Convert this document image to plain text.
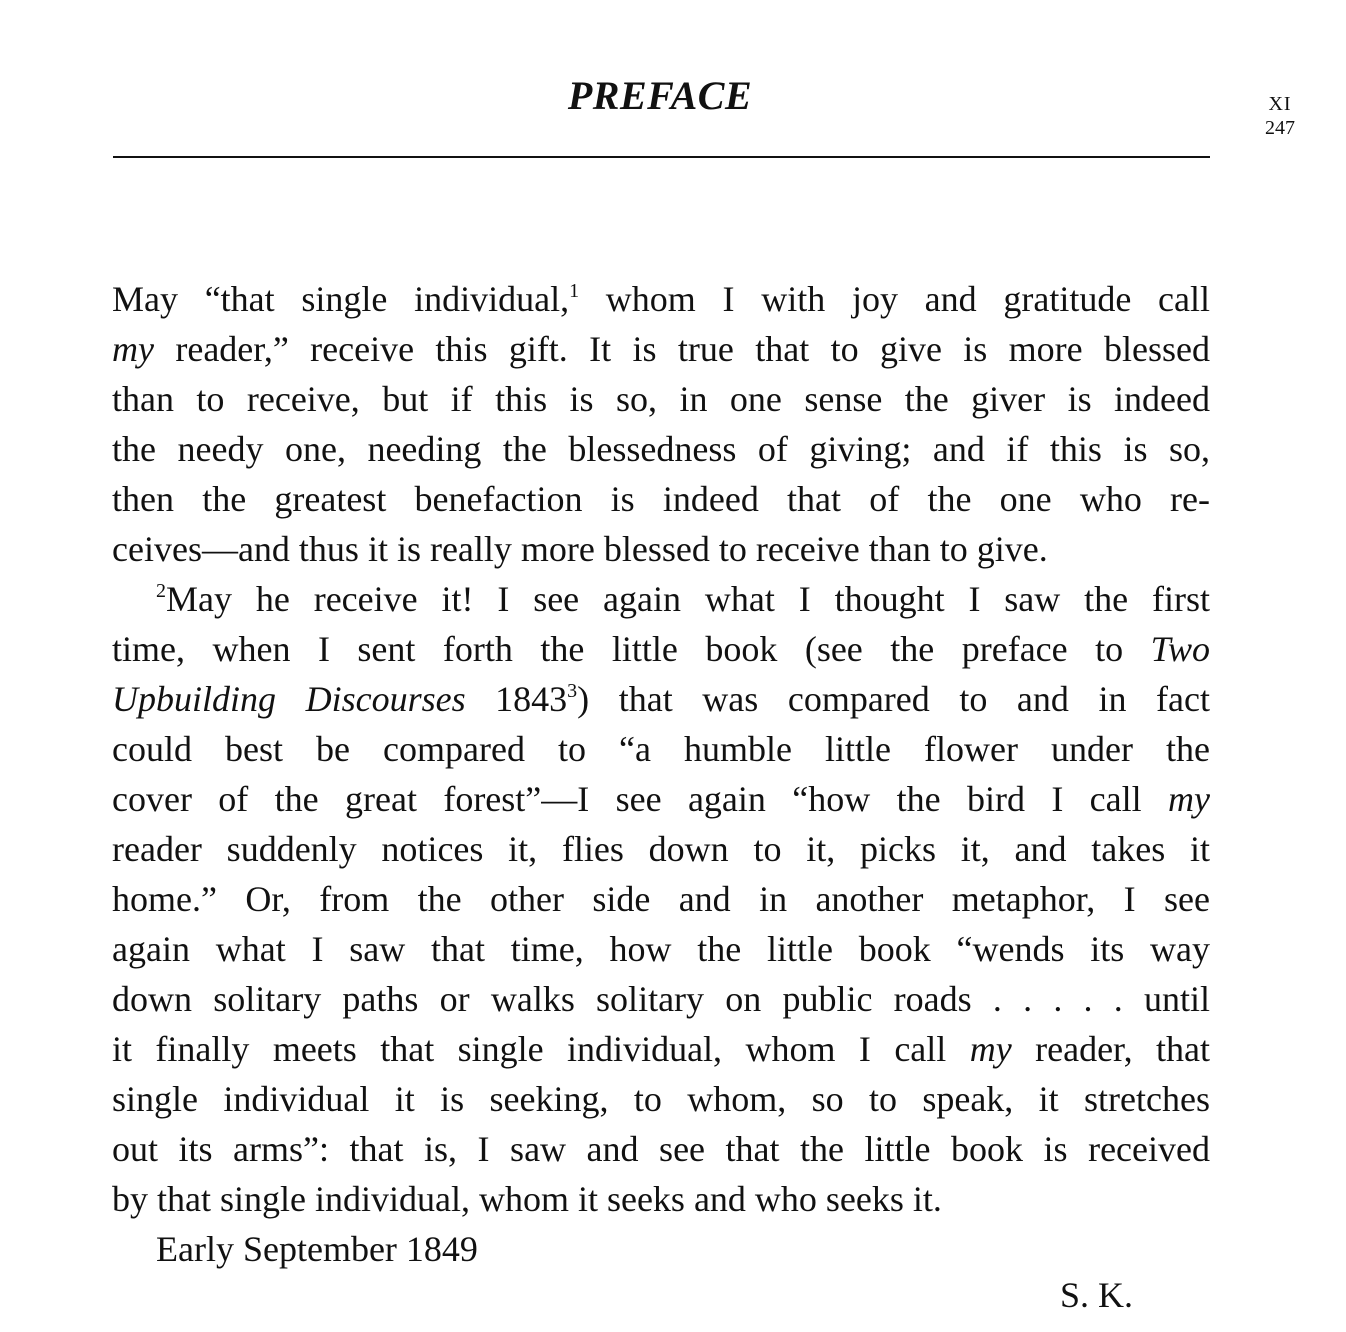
PREFACE	XI
247
May “that single individual,$^1$ whom I with joy and gratitude call
my reader,” receive this gift. It is true that to give is more blessed
than to receive, but if this is so, in one sense the giver is indeed
the needy one, needing the blessedness of giving; and if this is so,
then the greatest benefaction is indeed that of the one who re-
ceives—and thus it is really more blessed to receive than to give.
$^2$May he receive it! I see again what I thought I saw the first
time, when I sent forth the little book (see the preface to Two
Upbuilding Discourses 1843$^3$) that was compared to and in fact
could best be compared to “a humble little flower under the
cover of the great forest”—I see again “how the bird I call my
reader suddenly notices it, flies down to it, picks it, and takes it
home.” Or, from the other side and in another metaphor, I see
again what I saw that time, how the little book “wends its way
down solitary paths or walks solitary on public roads . . . . . until
it finally meets that single individual, whom I call my reader, that
single individual it is seeking, to whom, so to speak, it stretches
out its arms”: that is, I saw and see that the little book is received
by that single individual, whom it seeks and who seeks it.
Early September 1849
S. K.
